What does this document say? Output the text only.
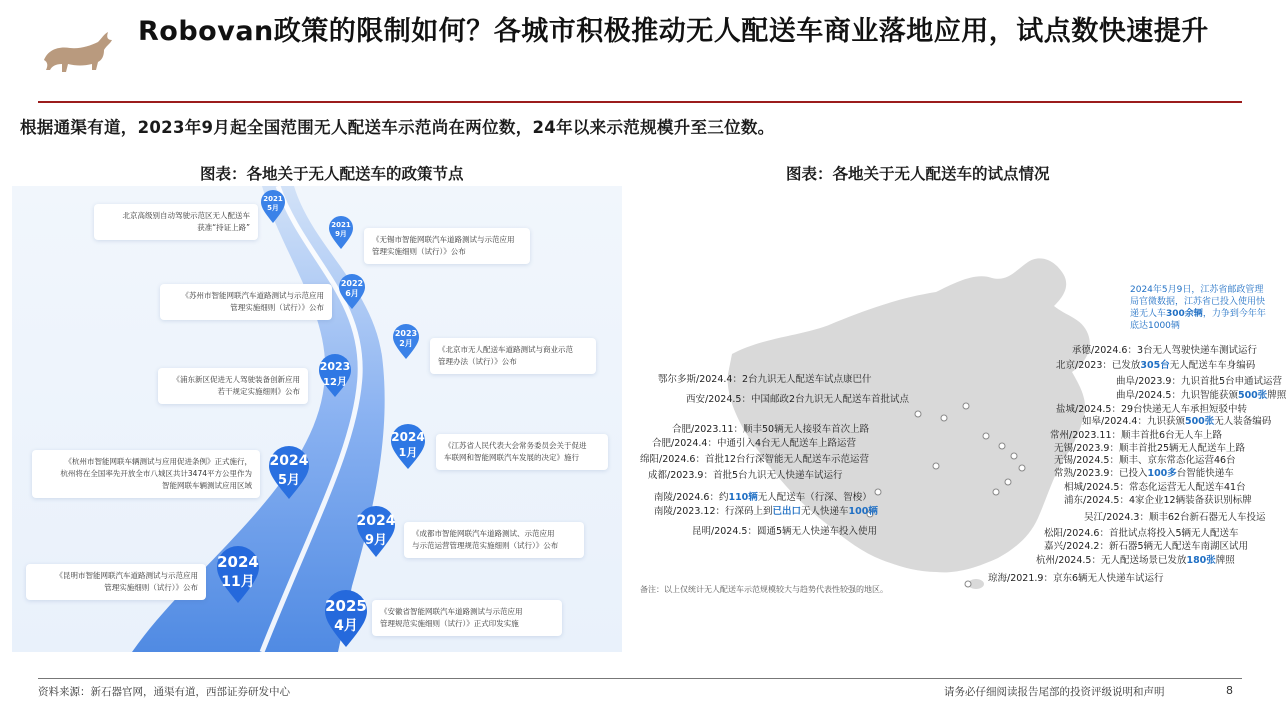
Robovan政策的限制如何？各城市积极推动无人配送车商业落地应用，试点数快速提升
根据通渠有道，2023年9月起全国范围无人配送车示范尚在两位数，24年以来示范规模升至三位数。
图表：各地关于无人配送车的政策节点	图表：各地关于无人配送车的试点情况
2021
5月
2021
9月
2022
6月
2023
2月
2023
12月
2024
1月
2024
5月
2024
9月
2024
11月
2025
4月
北京高级别自动驾驶示范区无人配送车
获准“持证上路”
《无锡市智能网联汽车道路测试与示范应用
管理实施细则（试行）》公布
《苏州市智能网联汽车道路测试与示范应用
管理实施细则（试行）》公布
《北京市无人配送车道路测试与商业示范
管理办法（试行）》公布
《浦东新区促进无人驾驶装备创新应用
若干规定实施细则》公布
《江苏省人民代表大会常务委员会关于促进
车联网和智能网联汽车发展的决定》施行
《杭州市智能网联车辆测试与应用促进条例》正式施行，
杭州将在全国率先开放全市八城区共计3474平方公里作为
智能网联车辆测试应用区域
《成都市智能网联汽车道路测试、示范应用
与示范运营管理规范实施细则（试行）》公布
《昆明市智能网联汽车道路测试与示范应用
管理实施细则（试行）》公布
《安徽省智能网联汽车道路测试与示范应用
管理规范实施细则（试行）》正式印发实施
2024年5月9日，江苏省邮政管理局官微数据，江苏省已投入使用快递无人车300余辆，力争到今年年底达1000辆
鄂尔多斯/2024.4：2台九识无人配送车试点康巴什
西安/2024.5：中国邮政2台九识无人配送车首批试点
合肥/2023.11：顺丰50辆无人接驳车首次上路
合肥/2024.4：中通引入4台无人配送车上路运营
绵阳/2024.6：首批12台行深智能无人配送车示范运营
成都/2023.9：首批5台九识无人快递车试运行
南陵/2024.6：约110辆无人配送车（行深、智梭）
南陵/2023.12：行深码上到已出口无人快递车100辆
昆明/2024.5：圆通5辆无人快递车投入使用
承德/2024.6：3台无人驾驶快递车测试运行
北京/2023：已发放305台无人配送车车身编码
曲阜/2023.9：九识首批5台申通试运营
曲阜/2024.5：九识智能获颁500张牌照
盐城/2024.5：29台快递无人车承担短驳中转
如皋/2024.4：九识获颁500张无人装备编码
常州/2023.11：顺丰首批6台无人车上路
无锡/2023.9：顺丰首批25辆无人配送车上路
无锡/2024.5：顺丰、京东常态化运营46台
常熟/2023.9：已投入100多台智能快递车
相城/2024.5：常态化运营无人配送车41台
浦东/2024.5：4家企业12辆装备获识别标牌
吴江/2024.3：顺丰62台新石器无人车投运
松阳/2024.6：首批试点将投入5辆无人配送车
嘉兴/2024.2：新石器5辆无人配送车南湖区试用
杭州/2024.5：无人配送场景已发放180张牌照
琼海/2021.9：京东6辆无人快递车试运行
备注：以上仅统计无人配送车示范规模较大与趋势代表性较强的地区。
资料来源：新石器官网，通渠有道，西部证券研发中心	请务必仔细阅读报告尾部的投资评级说明和声明	8
